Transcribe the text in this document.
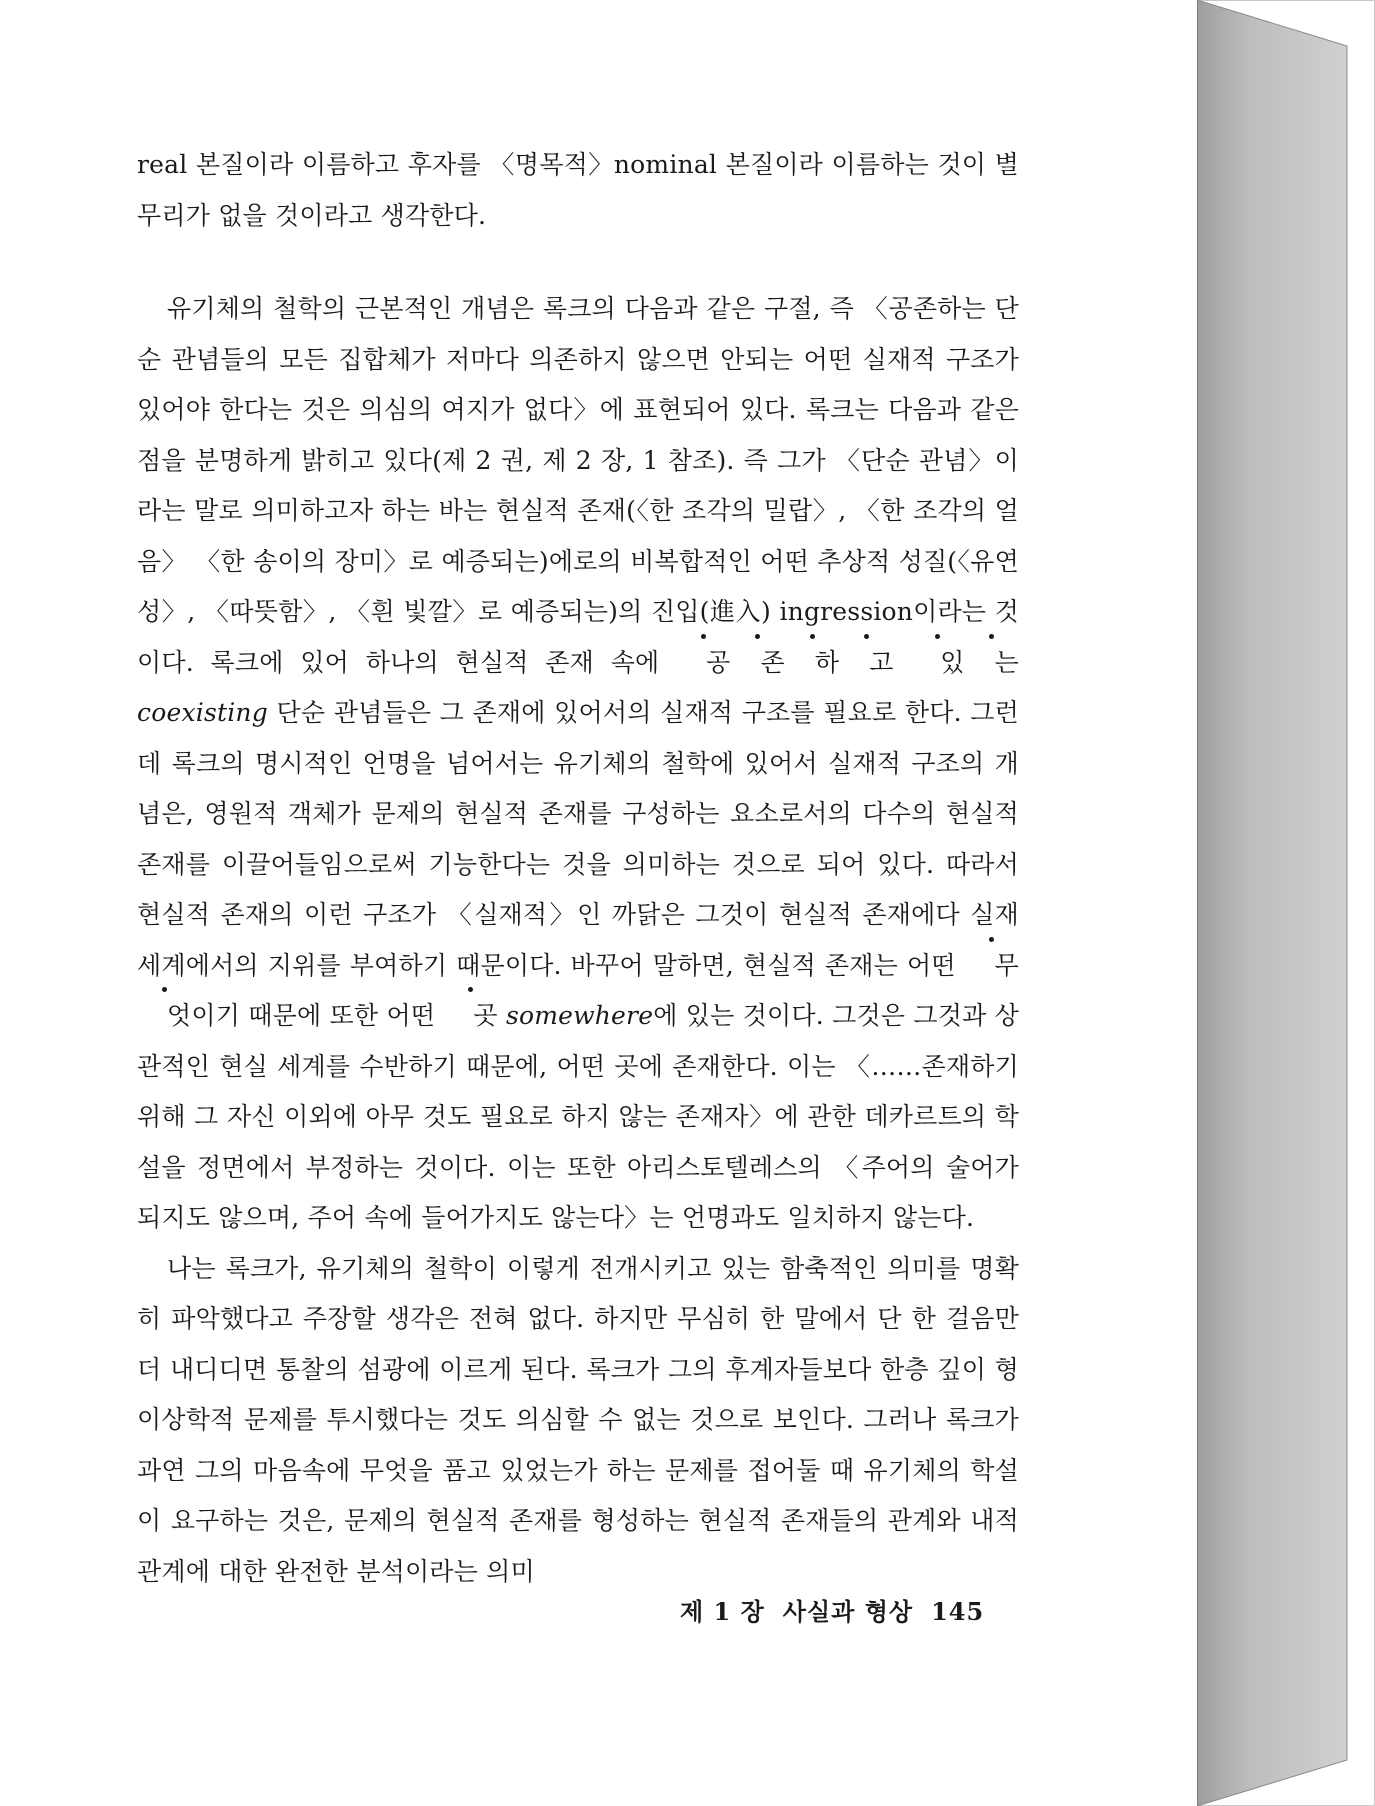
real 본질이라 이름하고 후자를 〈명목적〉nominal 본질이라 이름하는 것이 별 무리가 없을 것이라고 생각한다.

유기체의 철학의 근본적인 개념은 록크의 다음과 같은 구절, 즉 〈공존하는 단순 관념들의 모든 집합체가 저마다 의존하지 않으면 안되는 어떤 실재적 구조가 있어야 한다는 것은 의심의 여지가 없다〉에 표현되어 있다. 록크는 다음과 같은 점을 분명하게 밝히고 있다(제 2 권, 제 2 장, 1 참조). 즉 그가 〈단순 관념〉이라는 말로 의미하고자 하는 바는 현실적 존재(〈한 조각의 밀랍〉, 〈한 조각의 얼음〉 〈한 송이의 장미〉로 예증되는)에로의 비복합적인 어떤 추상적 성질(〈유연성〉, 〈따뜻함〉, 〈흰 빛깔〉로 예증되는)의 진입(進入) ingression이라는 것이다. 록크에 있어 하나의 현실적 존재 속에 공 존 하 고 있 는 coexisting 단순 관념들은 그 존재에 있어서의 실재적 구조를 필요로 한다. 그런데 록크의 명시적인 언명을 넘어서는 유기체의 철학에 있어서 실재적 구조의 개념은, 영원적 객체가 문제의 현실적 존재를 구성하는 요소로서의 다수의 현실적 존재를 이끌어들임으로써 기능한다는 것을 의미하는 것으로 되어 있다. 따라서 현실적 존재의 이런 구조가 〈실재적〉인 까닭은 그것이 현실적 존재에다 실재 세계에서의 지위를 부여하기 때문이다. 바꾸어 말하면, 현실적 존재는 어떤 무엇이기 때문에 또한 어떤 곳 somewhere에 있는 것이다. 그것은 그것과 상관적인 현실 세계를 수반하기 때문에, 어떤 곳에 존재한다. 이는 〈……존재하기 위해 그 자신 이외에 아무 것도 필요로 하지 않는 존재자〉에 관한 데카르트의 학설을 정면에서 부정하는 것이다. 이는 또한 아리스토텔레스의 〈주어의 술어가 되지도 않으며, 주어 속에 들어가지도 않는다〉는 언명과도 일치하지 않는다.

나는 록크가, 유기체의 철학이 이렇게 전개시키고 있는 함축적인 의미를 명확히 파악했다고 주장할 생각은 전혀 없다. 하지만 무심히 한 말에서 단 한 걸음만 더 내디디면 통찰의 섬광에 이르게 된다. 록크가 그의 후계자들보다 한층 깊이 형이상학적 문제를 투시했다는 것도 의심할 수 없는 것으로 보인다. 그러나 록크가 과연 그의 마음속에 무엇을 품고 있었는가 하는 문제를 접어둘 때 유기체의 학설이 요구하는 것은, 문제의 현실적 존재를 형성하는 현실적 존재들의 관계와 내적 관계에 대한 완전한 분석이라는 의미

제 1 장 사실과 형상 145
